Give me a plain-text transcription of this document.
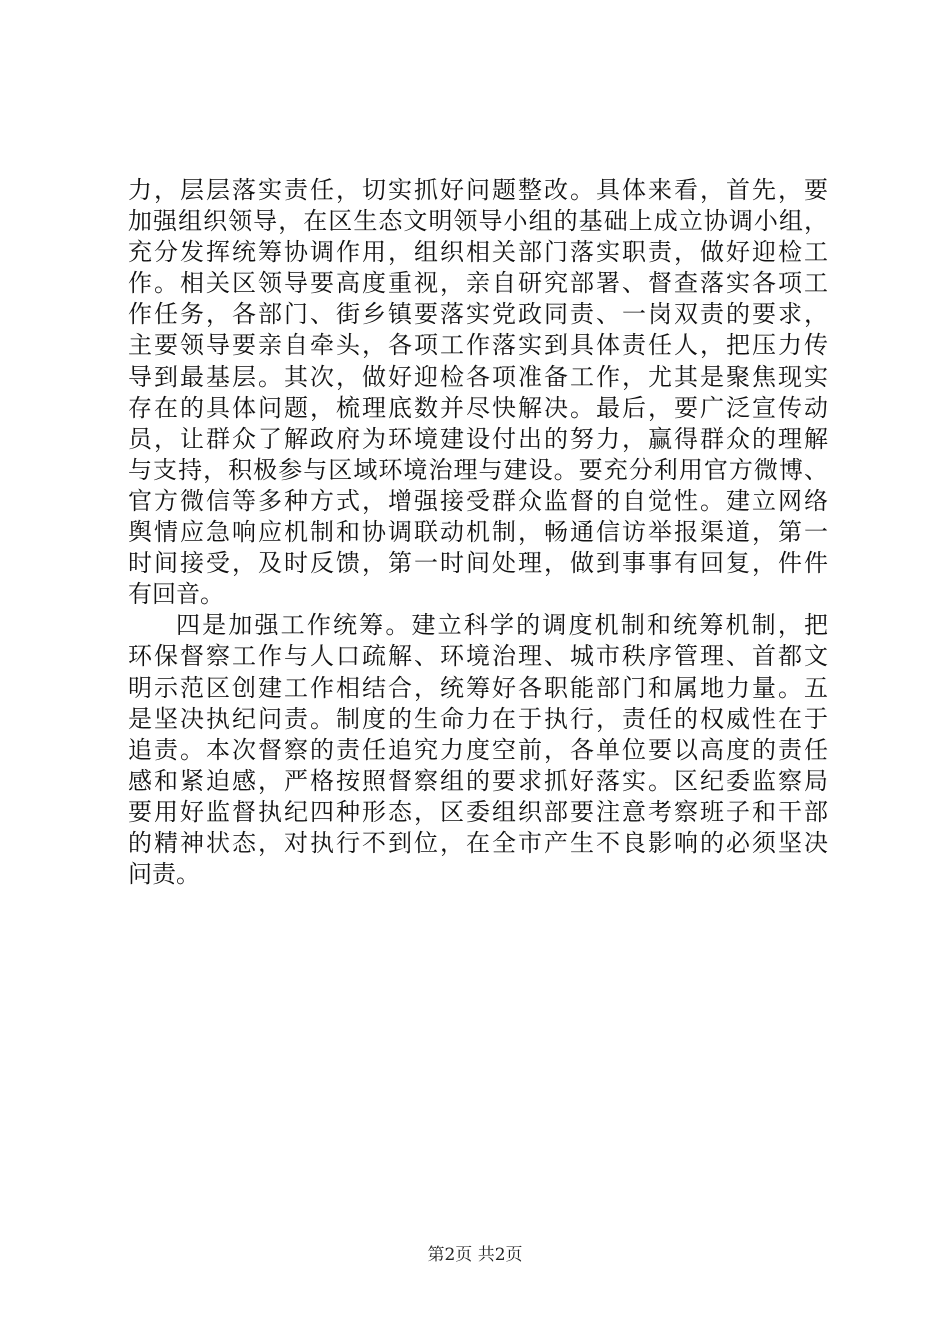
力，层层落实责任，切实抓好问题整改。具体来看，首先，要
加强组织领导，在区生态文明领导小组的基础上成立协调小组，
充分发挥统筹协调作用，组织相关部门落实职责，做好迎检工
作。相关区领导要高度重视，亲自研究部署、督查落实各项工
作任务，各部门、街乡镇要落实党政同责、一岗双责的要求，
主要领导要亲自牵头，各项工作落实到具体责任人，把压力传
导到最基层。其次，做好迎检各项准备工作，尤其是聚焦现实
存在的具体问题，梳理底数并尽快解决。最后，要广泛宣传动
员，让群众了解政府为环境建设付出的努力，赢得群众的理解
与支持，积极参与区域环境治理与建设。要充分利用官方微博、
官方微信等多种方式，增强接受群众监督的自觉性。建立网络
舆情应急响应机制和协调联动机制，畅通信访举报渠道，第一
时间接受，及时反馈，第一时间处理，做到事事有回复，件件
有回音。
四是加强工作统筹。建立科学的调度机制和统筹机制，把
环保督察工作与人口疏解、环境治理、城市秩序管理、首都文
明示范区创建工作相结合，统筹好各职能部门和属地力量。五
是坚决执纪问责。制度的生命力在于执行，责任的权威性在于
追责。本次督察的责任追究力度空前，各单位要以高度的责任
感和紧迫感，严格按照督察组的要求抓好落实。区纪委监察局
要用好监督执纪四种形态，区委组织部要注意考察班子和干部
的精神状态，对执行不到位，在全市产生不良影响的必须坚决
问责。
第2页 共2页
